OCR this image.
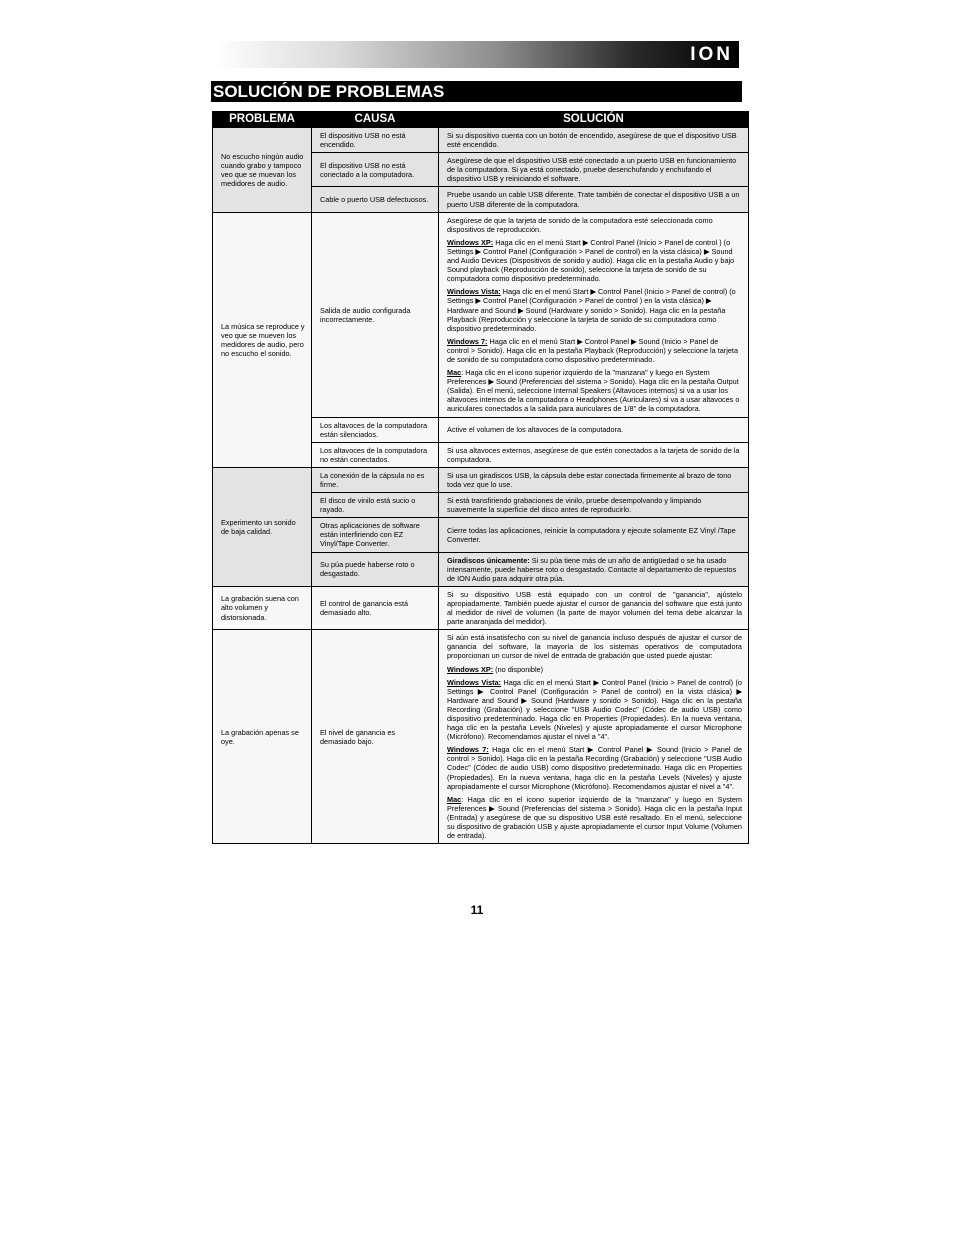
ION
SOLUCIÓN DE PROBLEMAS
PROBLEMA	CAUSA	SOLUCIÓN
No escucho ningún audio cuando grabo y tampoco veo que se muevan los medidores de audio.	El dispositivo USB no está encendido.	Si su dispositivo cuenta con un botón de encendido, asegúrese de que el dispositivo USB esté encendido.
	El dispositivo USB no está conectado a la computadora.	Asegúrese de que el dispositivo USB esté conectado a un puerto USB en funcionamiento de la computadora. Si ya está conectado, pruebe desenchufando y enchufando el dispositivo USB y reiniciando el software.
	Cable o puerto USB defectuosos.	Pruebe usando un cable USB diferente. Trate también de conectar el dispositivo USB a un puerto USB diferente de la computadora.
La música se reproduce y veo que se mueven los medidores de audio, pero no escucho el sonido.	Salida de audio configurada incorrectamente.	Asegúrese de que la tarjeta de sonido de la computadora esté seleccionada como dispositivos de reproducción.

Windows XP: Haga clic en el menú Start ▶ Control Panel (Inicio > Panel de control ) (o Settings ▶ Control Panel (Configuración > Panel de control) en la vista clásica) ▶ Sound and Audio Devices (Dispositivos de sonido y audio). Haga clic en la pestaña Audio y bajo Sound playback (Reproducción de sonido), seleccione la tarjeta de sonido de su computadora como dispositivo predeterminado.

Windows Vista: Haga clic en el menú Start ▶ Control Panel (Inicio > Panel de control) (o Settings ▶ Control Panel (Configuración > Panel de control ) en la vista clásica) ▶ Hardware and Sound ▶ Sound (Hardware y sonido > Sonido). Haga clic en la pestaña Playback (Reproducción y seleccione la tarjeta de sonido de su computadora como dispositivo predeterminado.

Windows 7: Haga clic en el menú Start ▶ Control Panel ▶ Sound (Inicio > Panel de control > Sonido). Haga clic en la pestaña Playback (Reproducción) y seleccione la tarjeta de sonido de su computadora como dispositivo predeterminado.

Mac: Haga clic en el icono superior izquierdo de la "manzana" y luego en System Preferences ▶ Sound (Preferencias del sistema > Sonido). Haga clic en la pestaña Output (Salida). En el menú, seleccione Internal Speakers (Altavoces internos) si va a usar los altavoces internos de la computadora o Headphones (Auriculares) si va a usar altavoces o auriculares conectados a la salida para auriculares de 1/8" de la computadora.

	Los altavoces de la computadora están silenciados.	Active el volumen de los altavoces de la computadora.
	Los altavoces de la computadora no están conectados.	Si usa altavoces externos, asegúrese de que estén conectados a la tarjeta de sonido de la computadora.
Experimento un sonido de baja calidad.	La conexión de la cápsula no es firme.	Si usa un giradiscos USB, la cápsula debe estar conectada firmemente al brazo de tono toda vez que lo use.
	El disco de vinilo está sucio o rayado.	Si está transfiriendo grabaciones de vinilo, pruebe desempolvando y limpiando suavemente la superficie del disco antes de reproducirlo.
	Otras aplicaciones de software están interfiriendo con EZ Vinyl/Tape Converter.	Cierre todas las aplicaciones, reinicie la computadora y ejecute solamente EZ Vinyl /Tape Converter.
	Su púa puede haberse roto o desgastado.	Giradiscos únicamente: Si su púa tiene más de un año de antigüedad o se ha usado intensamente, puede haberse roto o desgastado. Contacte al departamento de repuestos de ION Audio para adquirir otra púa.
La grabación suena con alto volumen y distorsionada.	El control de ganancia está demasiado alto.	Si su dispositivo USB está equipado con un control de "ganancia", ajústelo apropiadamente. También puede ajustar el cursor de ganancia del software que está junto al medidor de nivel de volumen (la parte de mayor volumen del tema debe alcanzar la parte anaranjada del medidor).
La grabación apenas se oye.	El nivel de ganancia es demasiado bajo.	Si aún está insatisfecho con su nivel de ganancia incluso después de ajustar el cursor de ganancia del software, la mayoría de los sistemas operativos de computadora proporcionan un cursor de nivel de entrada de grabación que usted puede ajustar:

Windows XP: (no disponible)

Windows Vista: Haga clic en el menú Start ▶ Control Panel (Inicio > Panel de control) (o Settings ▶ Control Panel (Configuración > Panel de control) en la vista clásica) ▶ Hardware and Sound ▶ Sound (Hardware y sonido > Sonido). Haga clic en la pestaña Recording (Grabación) y seleccione "USB Audio Codec" (Códec de audio USB) como dispositivo predeterminado. Haga clic en Properties (Propiedades). En la nueva ventana, haga clic en la pestaña Levels (Niveles) y ajuste apropiadamente el cursor Microphone (Micrófono). Recomendamos ajustar el nivel a "4".

Windows 7: Haga clic en el menú Start ▶ Control Panel ▶ Sound (Inicio > Panel de control > Sonido). Haga clic en la pestaña Recording (Grabación) y seleccione "USB Audio Codec" (Códec de audio USB) como dispositivo predeterminado. Haga clic en Properties (Propiedades). En la nueva ventana, haga clic en la pestaña Levels (Niveles) y ajuste apropiadamente el cursor Microphone (Micrófono). Recomendamos ajustar el nivel a "4".

Mac: Haga clic en el icono superior izquierdo de la "manzana" y luego en System Preferences ▶ Sound (Preferencias del sistema > Sonido). Haga clic en la pestaña Input (Entrada) y asegúrese de que su dispositivo USB esté resaltado. En el menú, seleccione su dispositivo de grabación USB y ajuste apropiadamente el cursor Input Volume (Volumen de entrada).

11
